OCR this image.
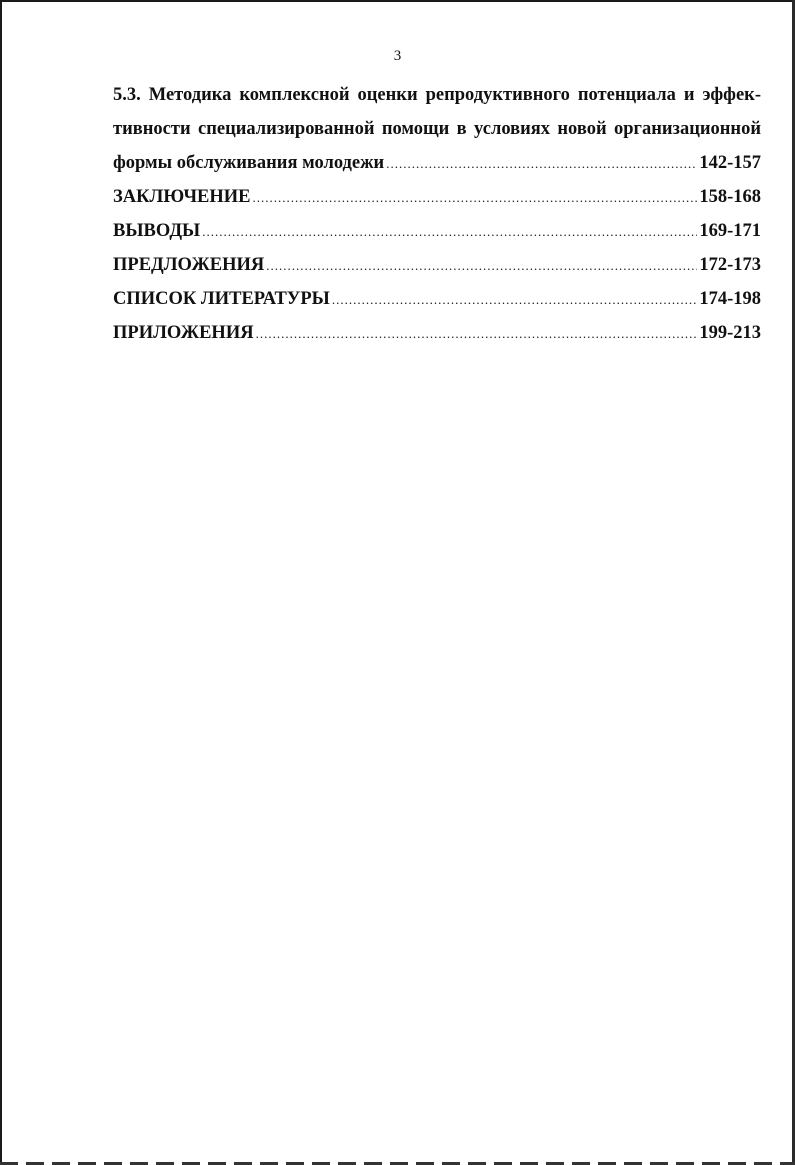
3
5.3. Методика комплексной оценки репродуктивного потенциала и эффек-
тивности специализированной помощи в условиях новой организационной
формы обслуживания молодежи .....	142-157
ЗАКЛЮЧЕНИЕ .....	158-168
ВЫВОДЫ .....	169-171
ПРЕДЛОЖЕНИЯ .....	172-173
СПИСОК ЛИТЕРАТУРЫ .....	174-198
ПРИЛОЖЕНИЯ .....	199-213
